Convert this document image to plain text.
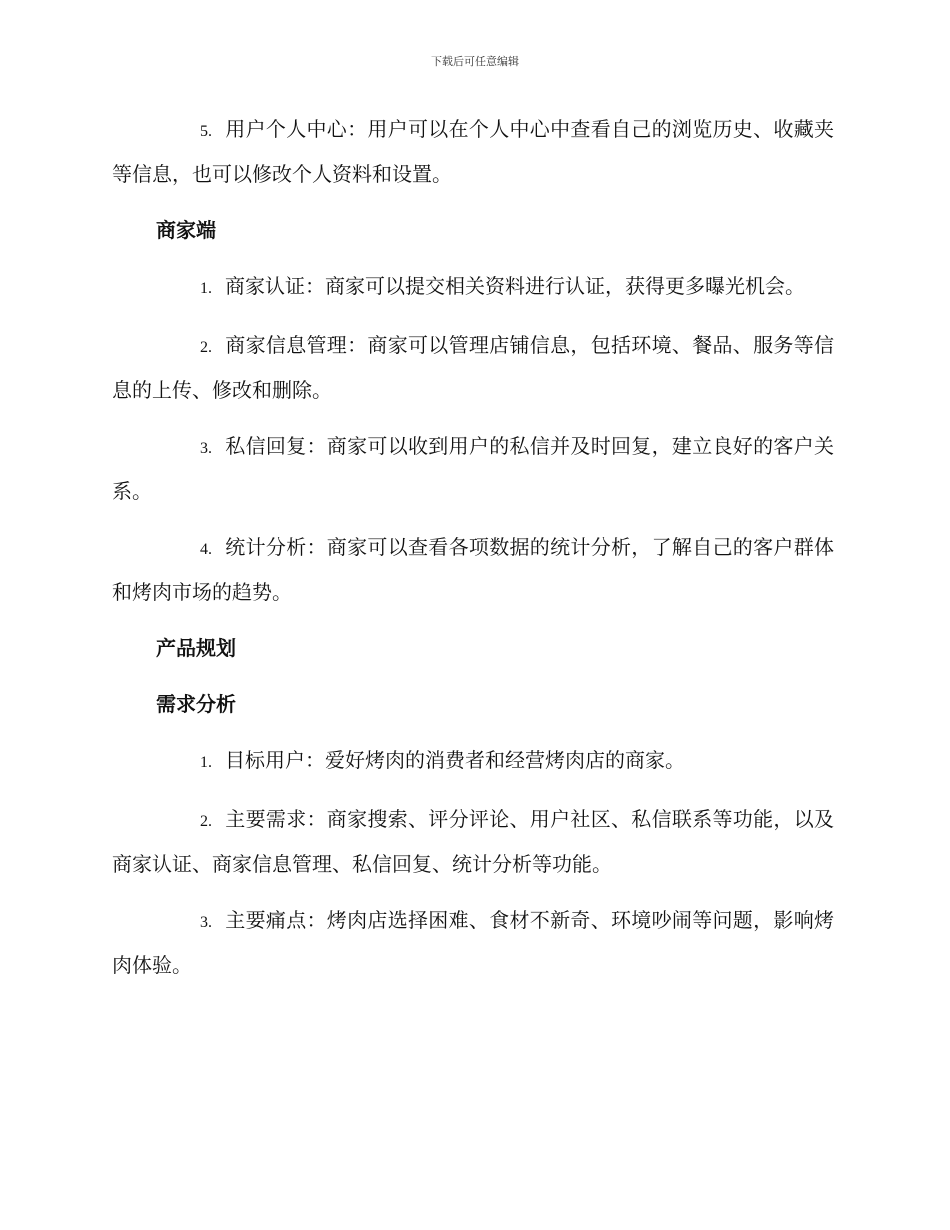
下载后可任意编辑

5. 用户个人中心：用户可以在个人中心中查看自己的浏览历史、收藏夹等信息，也可以修改个人资料和设置。

商家端

1. 商家认证：商家可以提交相关资料进行认证，获得更多曝光机会。

2. 商家信息管理：商家可以管理店铺信息，包括环境、餐品、服务等信息的上传、修改和删除。

3. 私信回复：商家可以收到用户的私信并及时回复，建立良好的客户关系。

4. 统计分析：商家可以查看各项数据的统计分析，了解自己的客户群体和烤肉市场的趋势。

产品规划
需求分析

1. 目标用户：爱好烤肉的消费者和经营烤肉店的商家。

2. 主要需求：商家搜索、评分评论、用户社区、私信联系等功能，以及商家认证、商家信息管理、私信回复、统计分析等功能。

3. 主要痛点：烤肉店选择困难、食材不新奇、环境吵闹等问题，影响烤肉体验。
